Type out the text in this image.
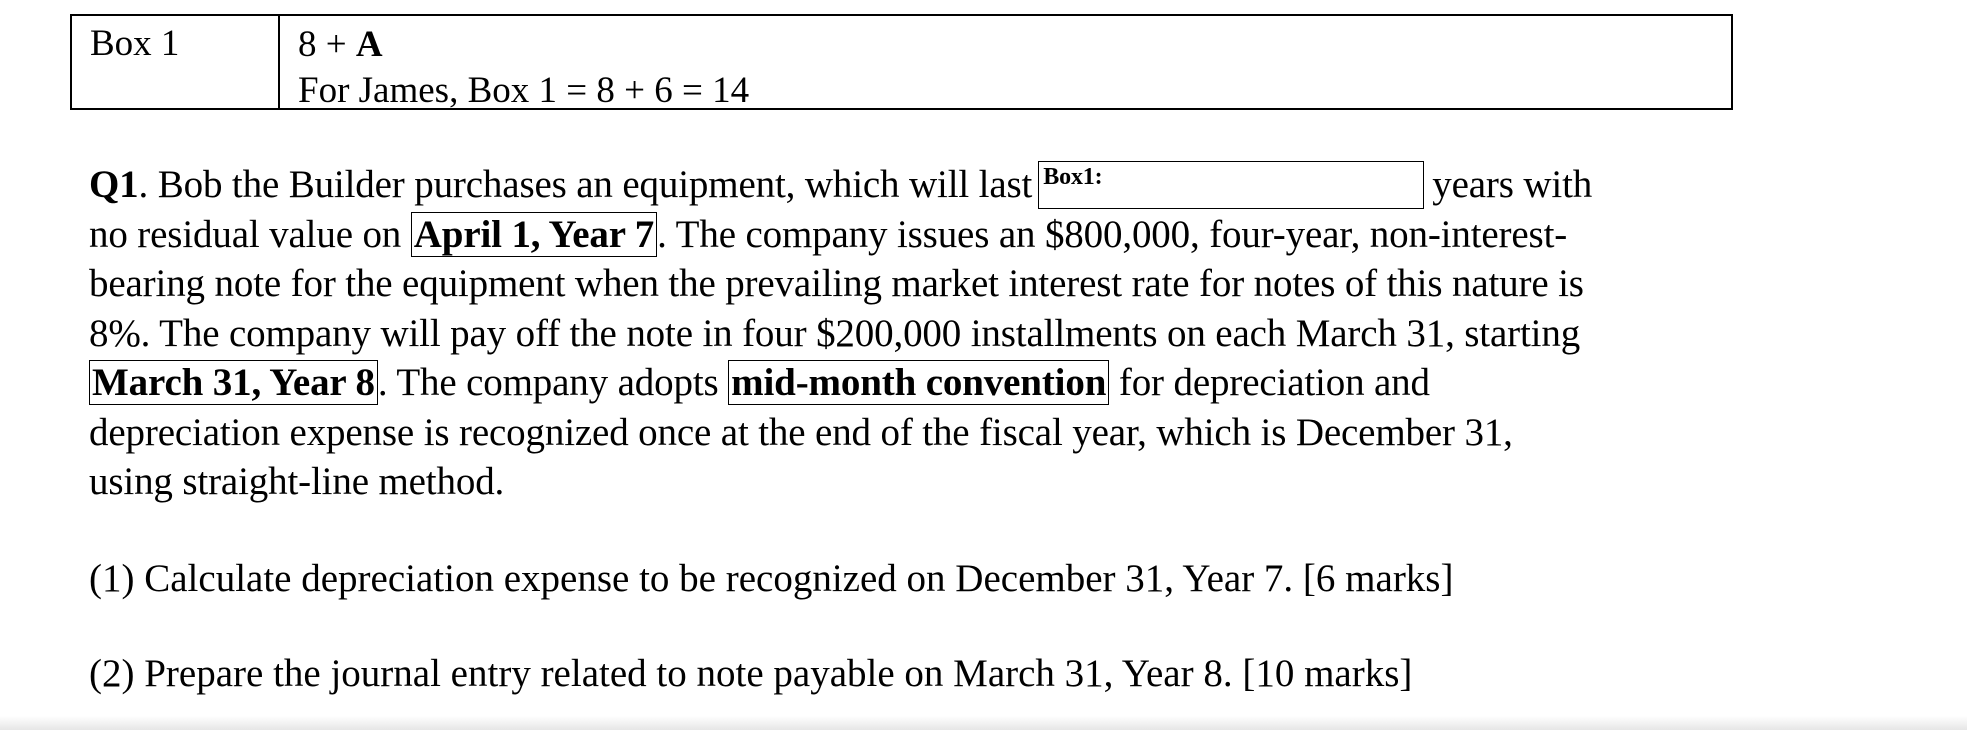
Box 1	8 + A
For James, Box 1 = 8 + 6 = 14
Q1. Bob the Builder purchases an equipment, which will last Box1:	years with
no residual value on April 1, Year 7. The company issues an $800,000, four-year, non-interest-
bearing note for the equipment when the prevailing market interest rate for notes of this nature is
8%. The company will pay off the note in four $200,000 installments on each March 31, starting
March 31, Year 8. The company adopts mid-month convention for depreciation and
depreciation expense is recognized once at the end of the fiscal year, which is December 31,
using straight-line method.
(1) Calculate depreciation expense to be recognized on December 31, Year 7. [6 marks]
(2) Prepare the journal entry related to note payable on March 31, Year 8. [10 marks]
